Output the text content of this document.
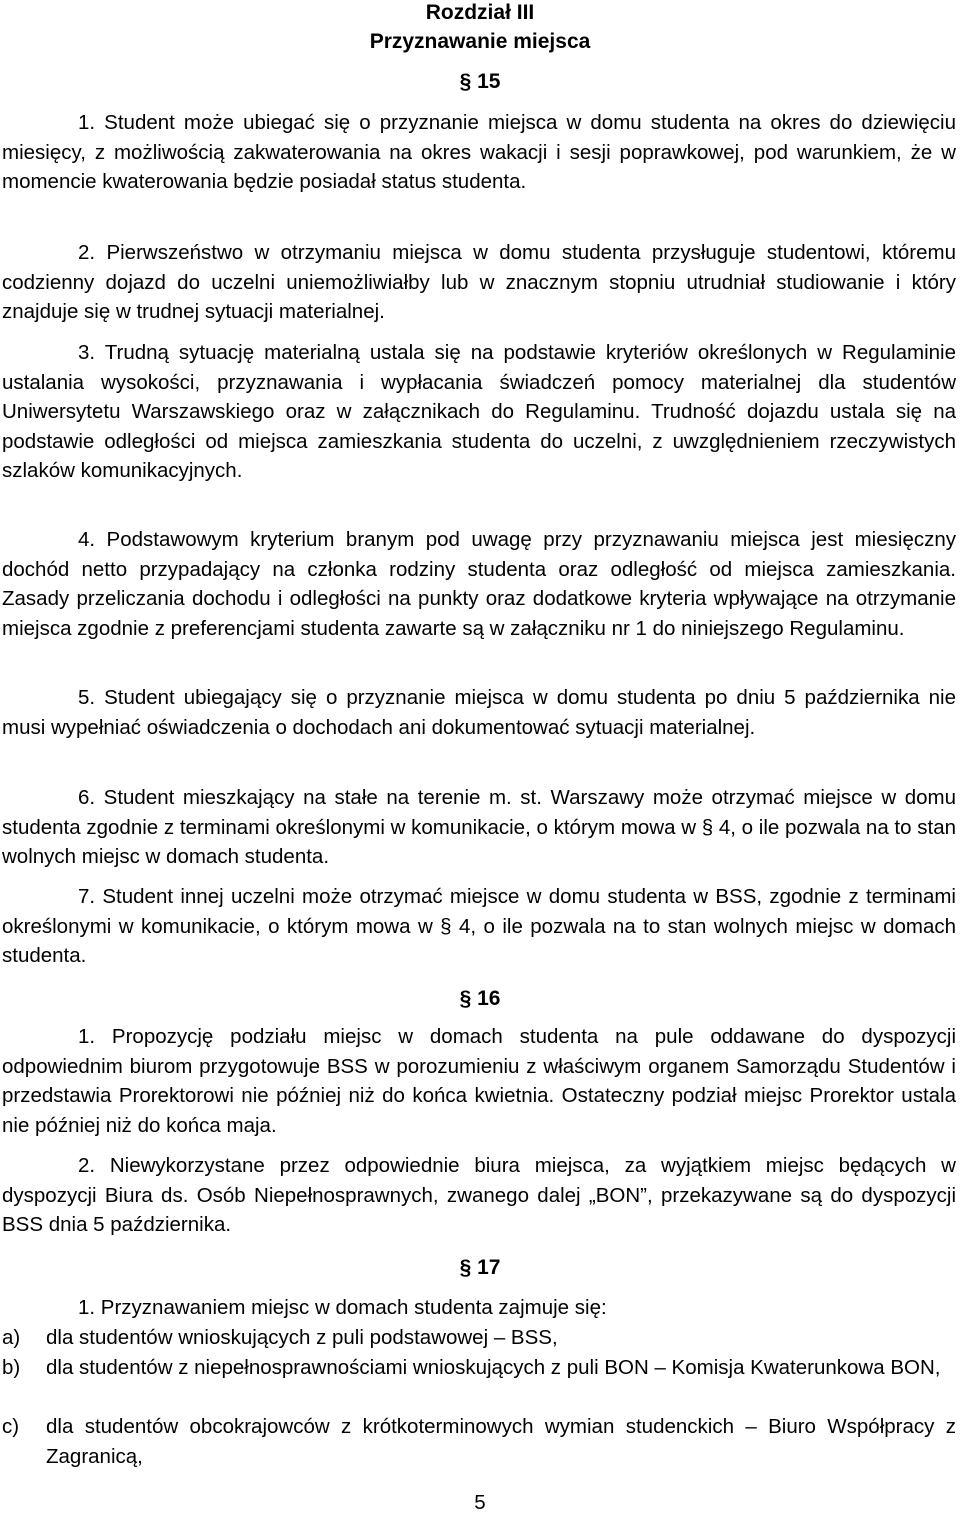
Rozdział III
Przyznawanie miejsca
§ 15

1. Student może ubiegać się o przyznanie miejsca w domu studenta na okres do dziewięciu miesięcy, z możliwością zakwaterowania na okres wakacji i sesji poprawkowej, pod warunkiem, że w momencie kwaterowania będzie posiadał status studenta.

2. Pierwszeństwo w otrzymaniu miejsca w domu studenta przysługuje studentowi, któremu codzienny dojazd do uczelni uniemożliwiałby lub w znacznym stopniu utrudniał studiowanie i który znajduje się w trudnej sytuacji materialnej.

3. Trudną sytuację materialną ustala się na podstawie kryteriów określonych w Regulaminie ustalania wysokości, przyznawania i wypłacania świadczeń pomocy materialnej dla studentów Uniwersytetu Warszawskiego oraz w załącznikach do Regulaminu. Trudność dojazdu ustala się na podstawie odległości od miejsca zamieszkania studenta do uczelni, z uwzględnieniem rzeczywistych szlaków komunikacyjnych.

4. Podstawowym kryterium branym pod uwagę przy przyznawaniu miejsca jest miesięczny dochód netto przypadający na członka rodziny studenta oraz odległość od miejsca zamieszkania. Zasady przeliczania dochodu i odległości na punkty oraz dodatkowe kryteria wpływające na otrzymanie miejsca zgodnie z preferencjami studenta zawarte są w załączniku nr 1 do niniejszego Regulaminu.

5. Student ubiegający się o przyznanie miejsca w domu studenta po dniu 5 października nie musi wypełniać oświadczenia o dochodach ani dokumentować sytuacji materialnej.

6. Student mieszkający na stałe na terenie m. st. Warszawy może otrzymać miejsce w domu studenta zgodnie z terminami określonymi w komunikacie, o którym mowa w § 4, o ile pozwala na to stan wolnych miejsc w domach studenta.

7. Student innej uczelni może otrzymać miejsce w domu studenta w BSS, zgodnie z terminami określonymi w komunikacie, o którym mowa w § 4, o ile pozwala na to stan wolnych miejsc w domach studenta.

§ 16

1. Propozycję podziału miejsc w domach studenta na pule oddawane do dyspozycji odpowiednim biurom przygotowuje BSS w porozumieniu z właściwym organem Samorządu Studentów i przedstawia Prorektorowi nie później niż do końca kwietnia. Ostateczny podział miejsc Prorektor ustala nie później niż do końca maja.

2. Niewykorzystane przez odpowiednie biura miejsca, za wyjątkiem miejsc będących w dyspozycji Biura ds. Osób Niepełnosprawnych, zwanego dalej „BON”, przekazywane są do dyspozycji BSS dnia 5 października.

§ 17

1. Przyznawaniem miejsc w domach studenta zajmuje się:

a) dla studentów wnioskujących z puli podstawowej – BSS,
b) dla studentów z niepełnosprawnościami wnioskujących z puli BON – Komisja Kwaterunkowa BON,
c) dla studentów obcokrajowców z krótkoterminowych wymian studenckich – Biuro Współpracy z Zagranicą,
5
